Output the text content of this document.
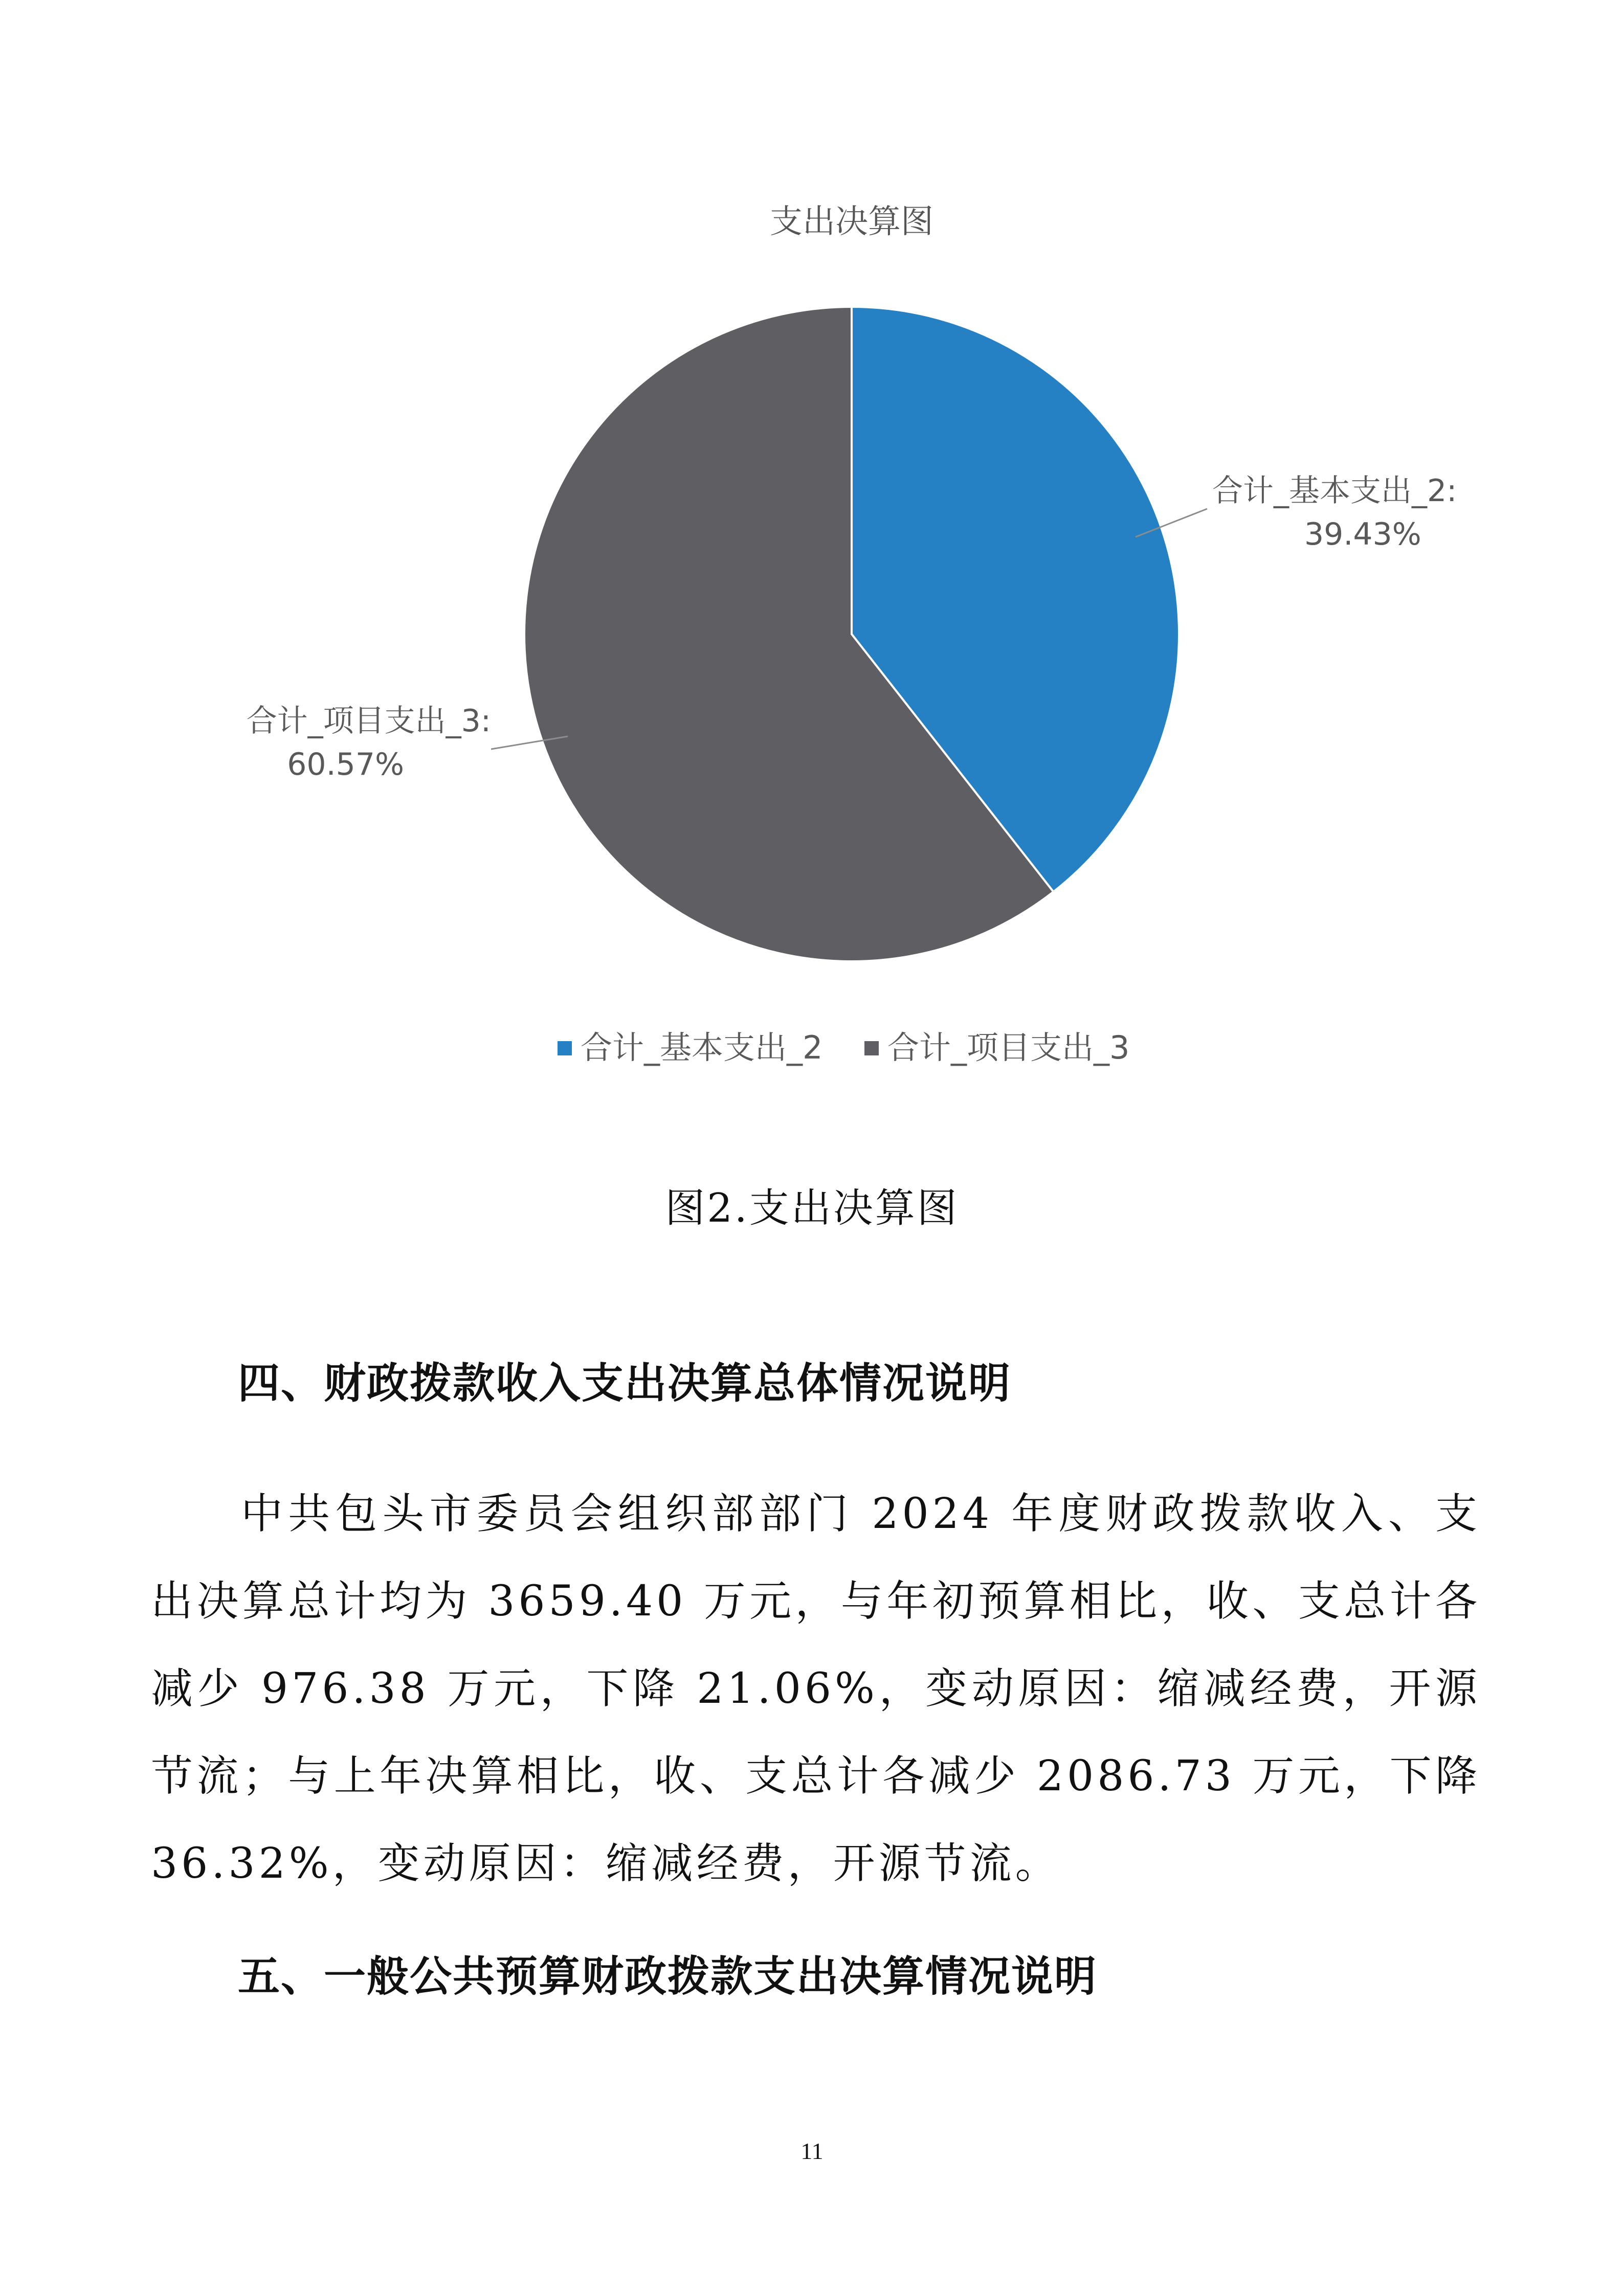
支出决算图
合计_基本支出_2:
39.43%
合计_项目支出_3:
60.57%
合计_基本支出_2 合计_项目支出_3
图2.支出决算图
四、财政拨款收入支出决算总体情况说明
中共包头市委员会组织部部门 2024 年度财政拨款收入、支出决算总计均为 3659.40 万元，与年初预算相比，收、支总计各减少 976.38 万元，下降 21.06%，变动原因：缩减经费，开源节流；与上年决算相比，收、支总计各减少 2086.73 万元，下降 36.32%，变动原因：缩减经费，开源节流。
五、一般公共预算财政拨款支出决算情况说明
11
